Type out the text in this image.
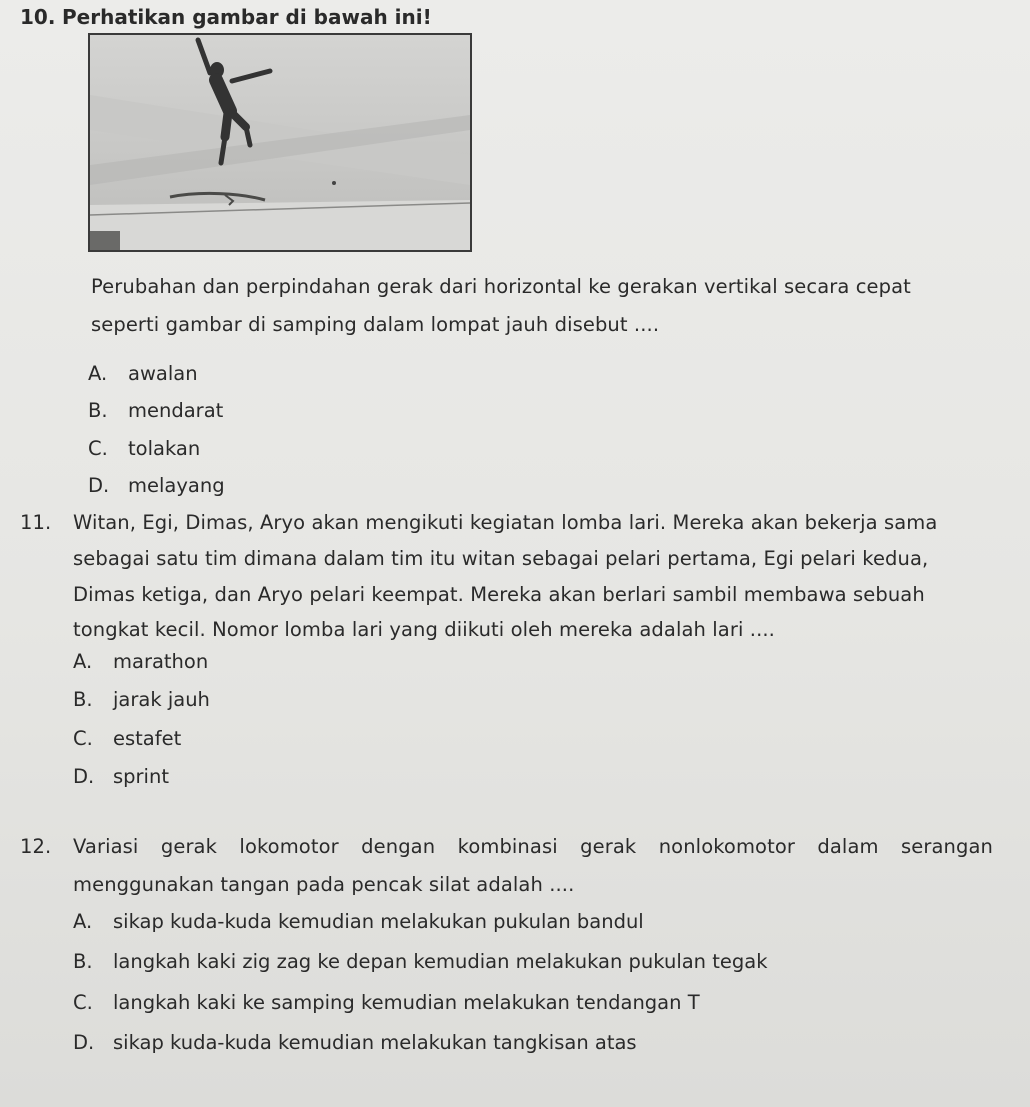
10. Perhatikan gambar di bawah ini!
Perubahan dan perpindahan gerak dari horizontal ke gerakan vertikal secara cepat
seperti gambar di samping dalam lompat jauh disebut ....
A. awalan
B. mendarat
C. tolakan
D. melayang
11. Witan, Egi, Dimas, Aryo akan mengikuti kegiatan lomba lari. Mereka akan bekerja sama
sebagai satu tim dimana dalam tim itu witan sebagai pelari pertama, Egi pelari kedua,
Dimas ketiga, dan Aryo pelari keempat. Mereka akan berlari sambil membawa sebuah
tongkat kecil. Nomor lomba lari yang diikuti oleh mereka adalah lari ....
A. marathon
B. jarak jauh
C. estafet
D. sprint
12. Variasi gerak lokomotor dengan kombinasi gerak nonlokomotor dalam serangan
menggunakan tangan pada pencak silat adalah ....
A. sikap kuda-kuda kemudian melakukan pukulan bandul
B. langkah kaki zig zag ke depan kemudian melakukan pukulan tegak
C. langkah kaki ke samping kemudian melakukan tendangan T
D. sikap kuda-kuda kemudian melakukan tangkisan atas
